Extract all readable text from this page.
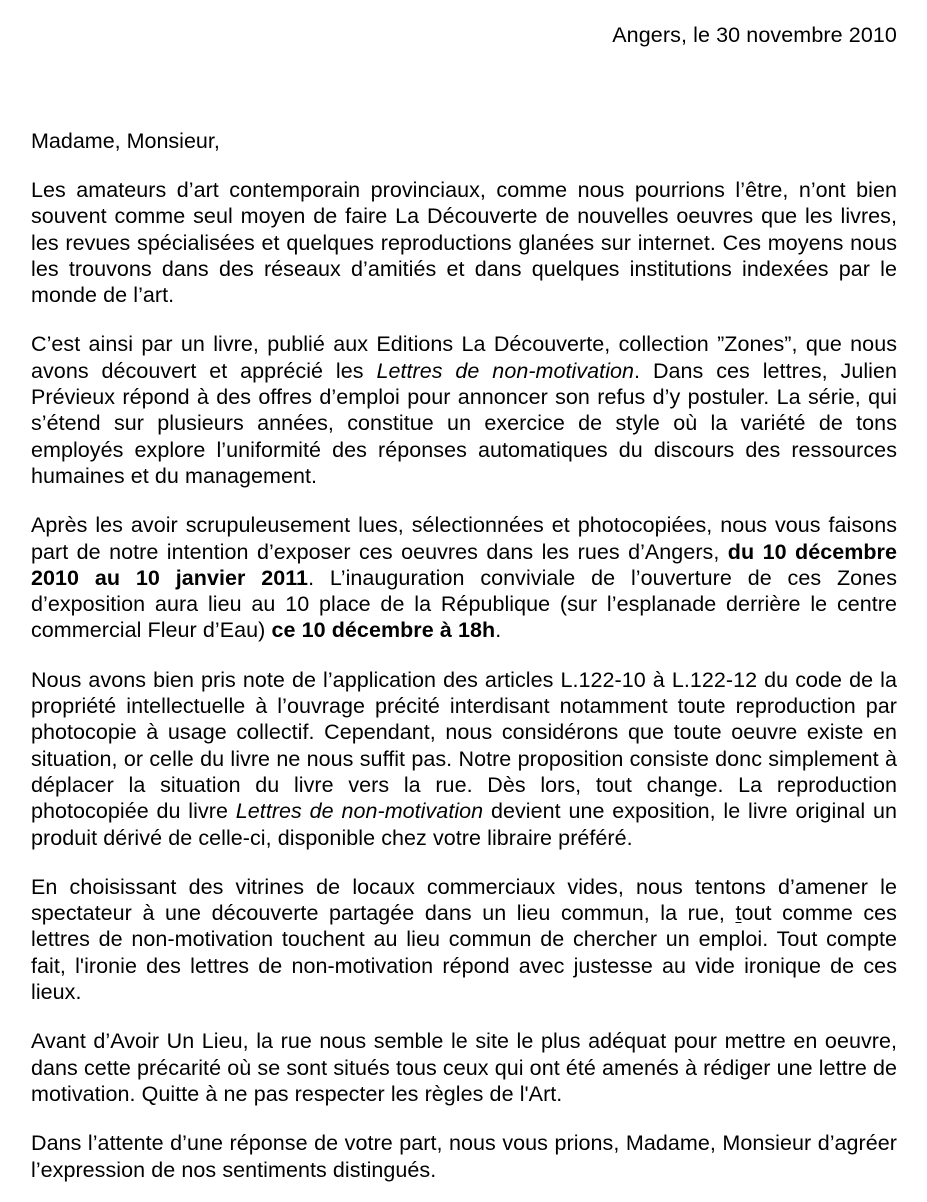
Angers, le 30 novembre 2010
Madame, Monsieur,

Les amateurs d’art contemporain provinciaux, comme nous pourrions l’être, n’ont bien souvent comme seul moyen de faire La Découverte de nouvelles oeuvres que les livres, les revues spécialisées et quelques reproductions glanées sur internet. Ces moyens nous les trouvons dans des réseaux d’amitiés et dans quelques institutions indexées par le monde de l’art.

C’est ainsi par un livre, publié aux Editions La Découverte, collection ”Zones”, que nous avons découvert et apprécié les Lettres de non-motivation. Dans ces lettres, Julien Prévieux répond à des offres d’emploi pour annoncer son refus d’y postuler. La série, qui s’étend sur plusieurs années, constitue un exercice de style où la variété de tons employés explore l’uniformité des réponses automatiques du discours des ressources humaines et du management.

Après les avoir scrupuleusement lues, sélectionnées et photocopiées, nous vous faisons part de notre intention d’exposer ces oeuvres dans les rues d’Angers, du 10 décembre 2010 au 10 janvier 2011. L’inauguration conviviale de l’ouverture de ces Zones d’exposition aura lieu au 10 place de la République (sur l’esplanade derrière le centre commercial Fleur d’Eau) ce 10 décembre à 18h.

Nous avons bien pris note de l’application des articles L.122-10 à L.122-12 du code de la propriété intellectuelle à l’ouvrage précité interdisant notamment toute reproduction par photocopie à usage collectif. Cependant, nous considérons que toute oeuvre existe en situation, or celle du livre ne nous suffit pas. Notre proposition consiste donc simplement à déplacer la situation du livre vers la rue. Dès lors, tout change. La reproduction photocopiée du livre Lettres de non-motivation devient une exposition, le livre original un produit dérivé de celle-ci, disponible chez votre libraire préféré.

En choisissant des vitrines de locaux commerciaux vides, nous tentons d’amener le spectateur à une découverte partagée dans un lieu commun, la rue, tout comme ces lettres de non-motivation touchent au lieu commun de chercher un emploi. Tout compte fait, l'ironie des lettres de non-motivation répond avec justesse au vide ironique de ces lieux.

Avant d’Avoir Un Lieu, la rue nous semble le site le plus adéquat pour mettre en oeuvre, dans cette précarité où se sont situés tous ceux qui ont été amenés à rédiger une lettre de motivation. Quitte à ne pas respecter les règles de l'Art.

Dans l’attente d’une réponse de votre part, nous vous prions, Madame, Monsieur d’agréer l’expression de nos sentiments distingués.
